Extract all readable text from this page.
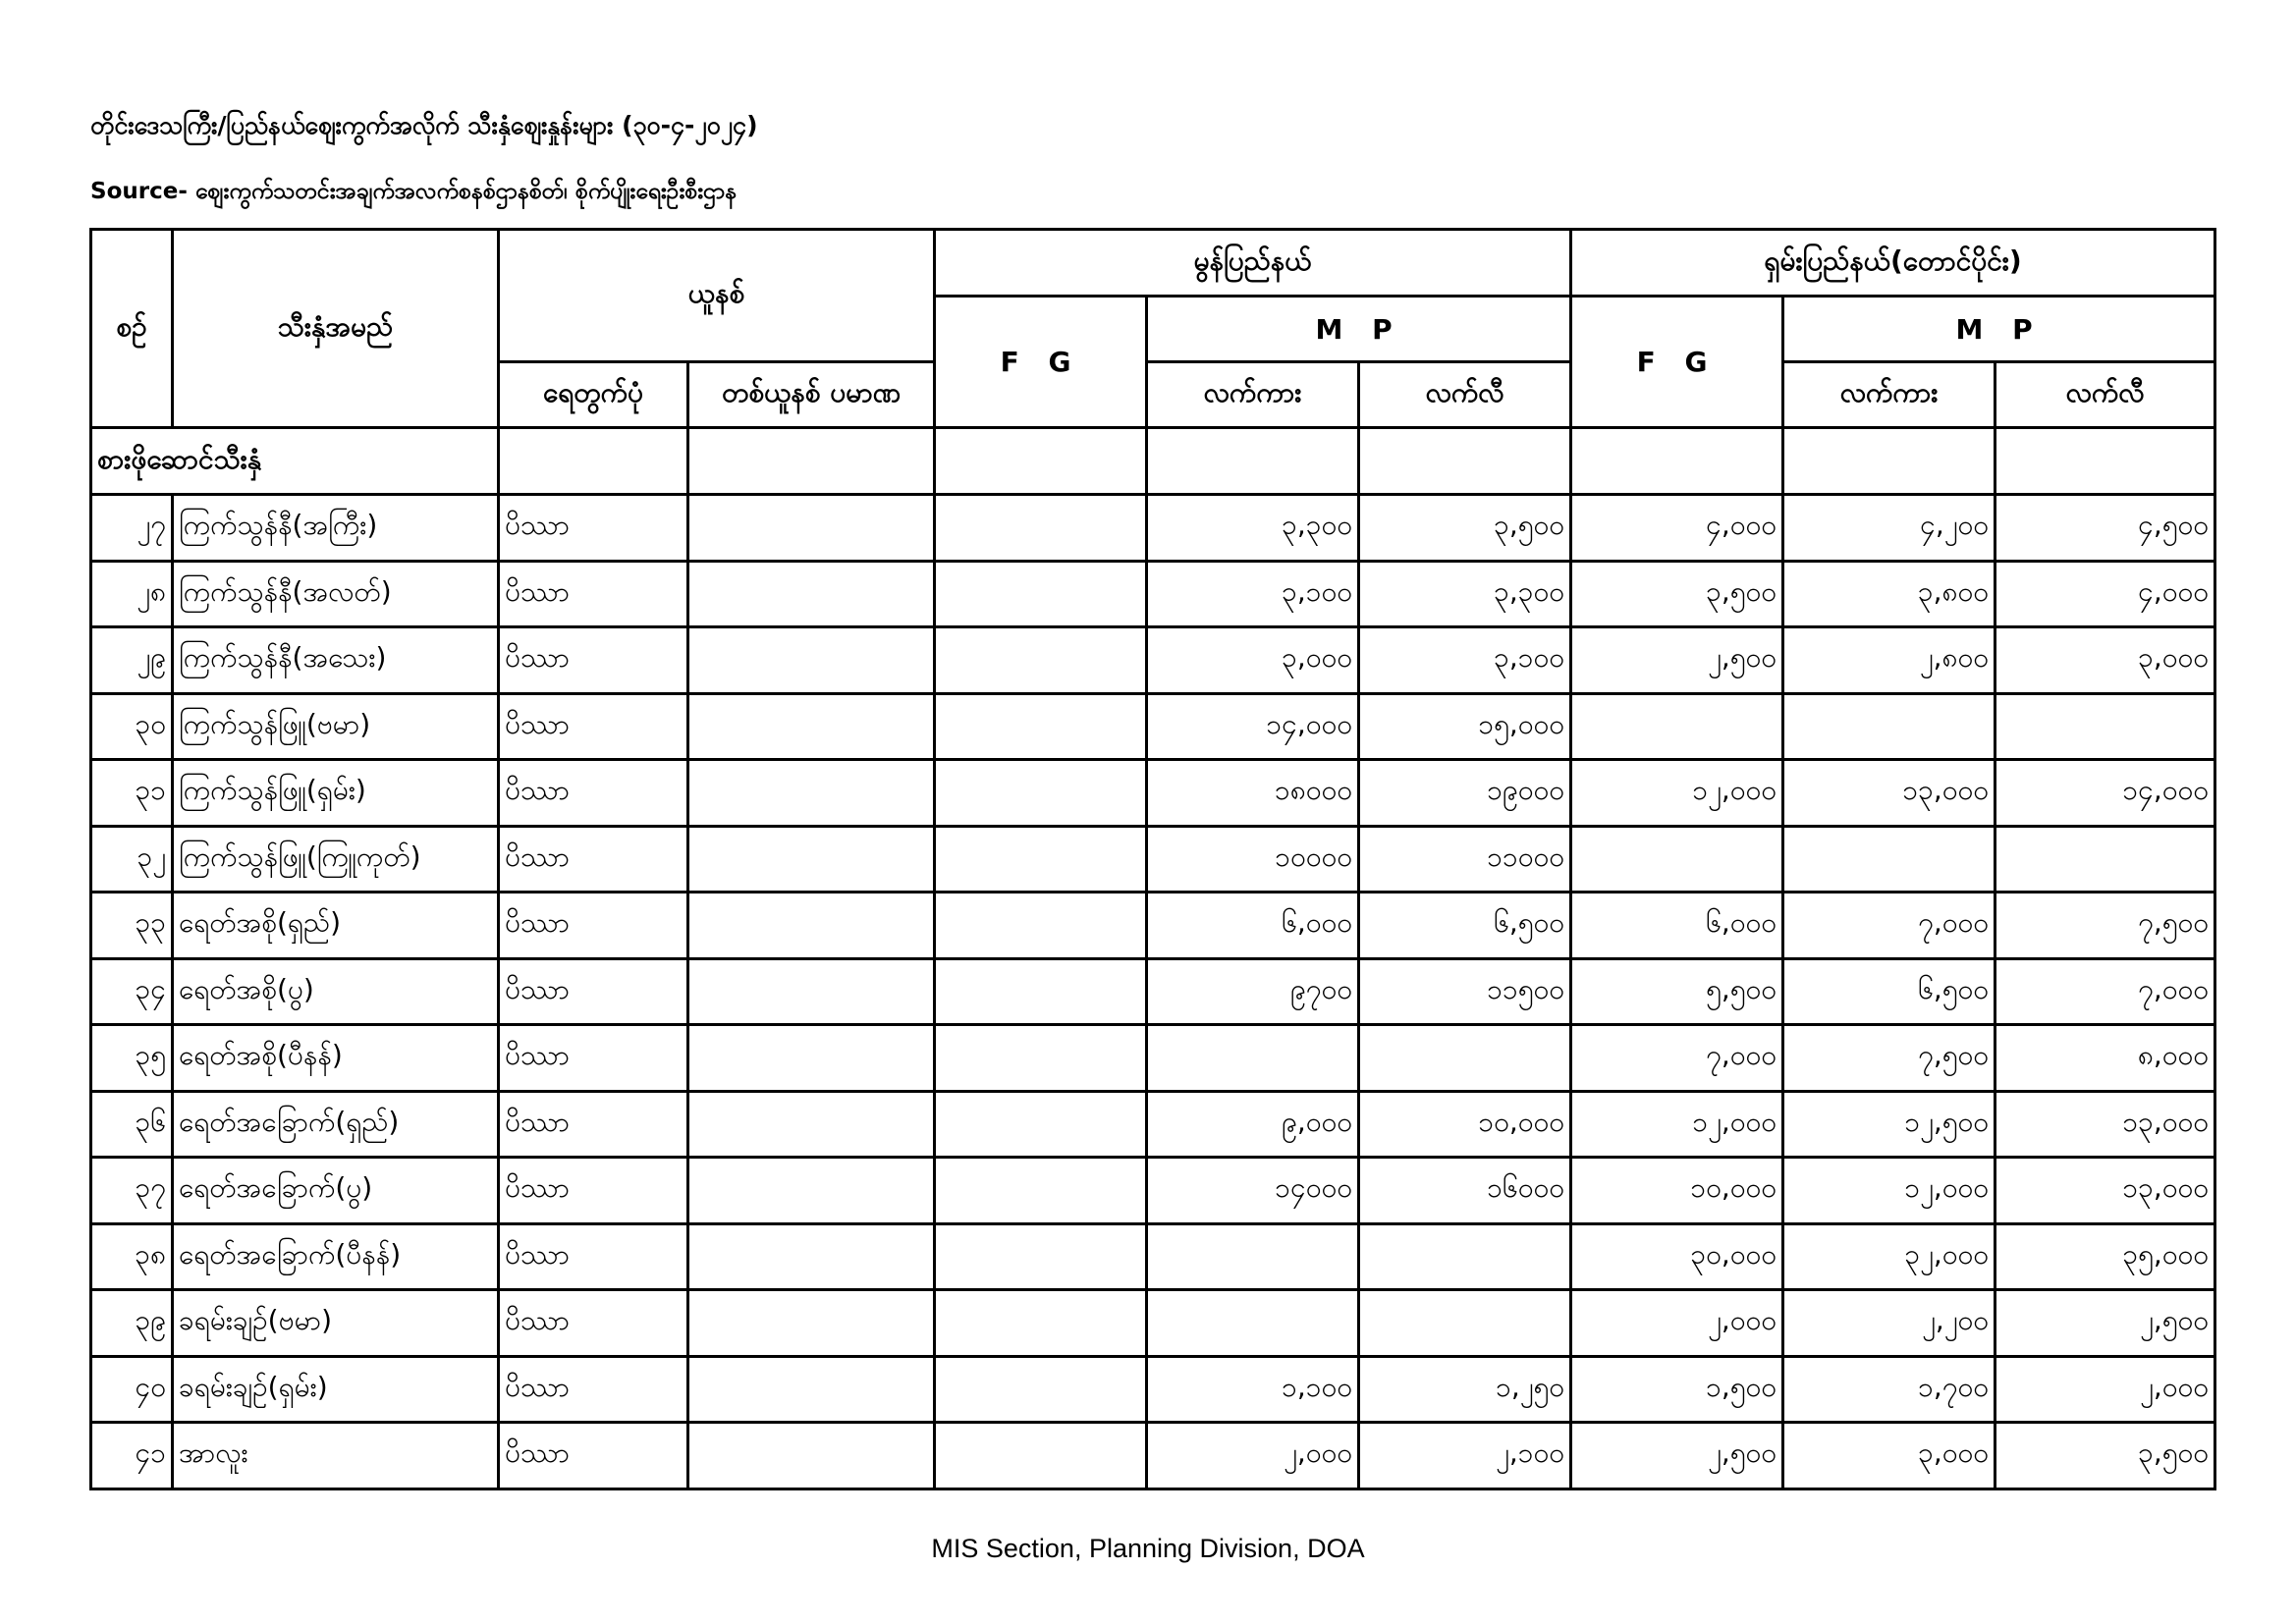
တိုင်းဒေသကြီး/ပြည်နယ်ဈေးကွက်အလိုက် သီးနှံဈေးနှုန်းများ (၃၀-၄-၂၀၂၄)
Source- ဈေးကွက်သတင်းအချက်အလက်စနစ်ဌာနစိတ်၊ စိုက်ပျိုးရေးဦးစီးဌာန
စဉ်	သီးနှံအမည်	ယူနစ်		မွန်ပြည်နယ်			ရှမ်းပြည်နယ်(တောင်ပိုင်း)		
				F G	M P		F G	M P	
		ရေတွက်ပုံ	တစ်ယူနစ် ပမာဏ		လက်ကား	လက်လီ		လက်ကား	လက်လီ
စားဖိုဆောင်သီးနှံ									
၂၇	ကြက်သွန်နီ(အကြီး)	ပိဿာ			၃,၃၀၀	၃,၅၀၀	၄,၀၀၀	၄,၂၀၀	၄,၅၀၀
၂၈	ကြက်သွန်နီ(အလတ်)	ပိဿာ			၃,၁၀၀	၃,၃၀၀	၃,၅၀၀	၃,၈၀၀	၄,၀၀၀
၂၉	ကြက်သွန်နီ(အသေး)	ပိဿာ			၃,၀၀၀	၃,၁၀၀	၂,၅၀၀	၂,၈၀၀	၃,၀၀၀
၃၀	ကြက်သွန်ဖြူ(ဗမာ)	ပိဿာ			၁၄,၀၀၀	၁၅,၀၀၀			
၃၁	ကြက်သွန်ဖြူ(ရှမ်း)	ပိဿာ			၁၈၀၀၀	၁၉၀၀၀	၁၂,၀၀၀	၁၃,၀၀၀	၁၄,၀၀၀
၃၂	ကြက်သွန်ဖြူ(ကြူကုတ်)	ပိဿာ			၁၀၀၀၀	၁၁၀၀၀			
၃၃	ရေတ်အစို(ရှည်)	ပိဿာ			၆,၀၀၀	၆,၅၀၀	၆,၀၀၀	၇,၀၀၀	၇,၅၀၀
၃၄	ရေတ်အစို(ပွ)	ပိဿာ			၉၇၀၀	၁၁၅၀၀	၅,၅၀၀	၆,၅၀၀	၇,၀၀၀
၃၅	ရေတ်အစို(ပီနန်)	ပိဿာ					၇,၀၀၀	၇,၅၀၀	၈,၀၀၀
၃၆	ရေတ်အခြောက်(ရှည်)	ပိဿာ			၉,၀၀၀	၁၀,၀၀၀	၁၂,၀၀၀	၁၂,၅၀၀	၁၃,၀၀၀
၃၇	ရေတ်အခြောက်(ပွ)	ပိဿာ			၁၄၀၀၀	၁၆၀၀၀	၁၀,၀၀၀	၁၂,၀၀၀	၁၃,၀၀၀
၃၈	ရေတ်အခြောက်(ပီနန်)	ပိဿာ					၃၀,၀၀၀	၃၂,၀၀၀	၃၅,၀၀၀
၃၉	ခရမ်းချဉ်(ဗမာ)	ပိဿာ					၂,၀၀၀	၂,၂၀၀	၂,၅၀၀
၄၀	ခရမ်းချဉ်(ရှမ်း)	ပိဿာ			၁,၁၀၀	၁,၂၅၀	၁,၅၀၀	၁,၇၀၀	၂,၀၀၀
၄၁	အာလူး	ပိဿာ			၂,၀၀၀	၂,၁၀၀	၂,၅၀၀	၃,၀၀၀	၃,၅၀၀
MIS Section, Planning Division, DOA
